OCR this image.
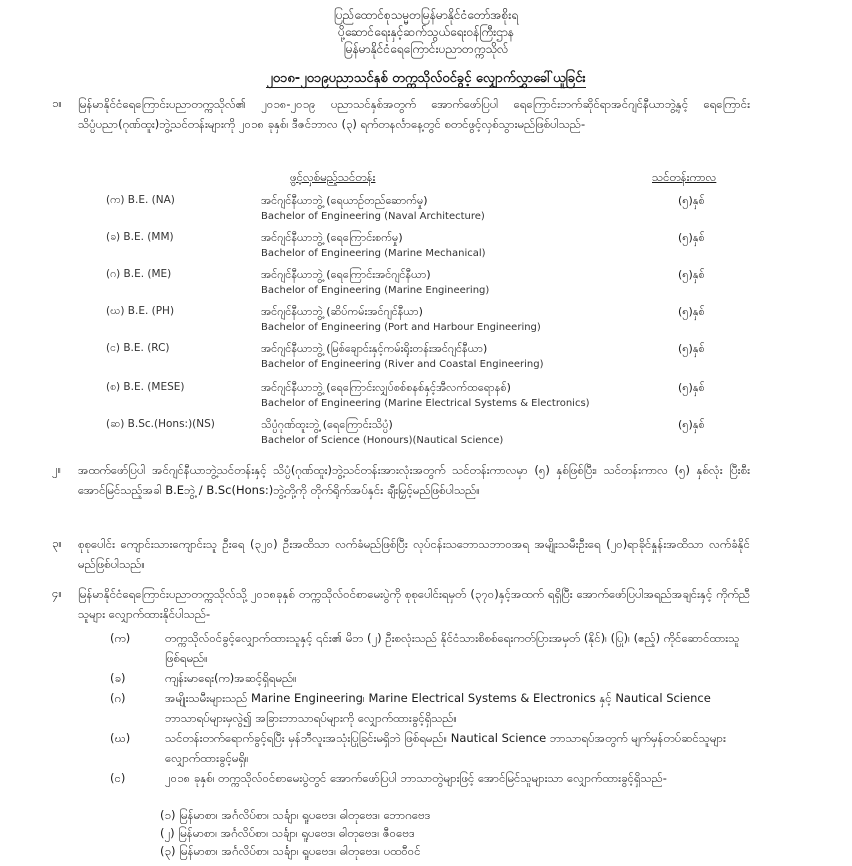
ပြည်ထောင်စုသမ္မတမြန်မာနိုင်ငံတော်အစိုးရ
ပို့ဆောင်ရေးနှင့်ဆက်သွယ်ရေးဝန်ကြီးဌာန
မြန်မာနိုင်ငံရေကြောင်းပညာတက္ကသိုလ်
၂၀၁၈-၂၀၁၉ပညာသင်နှစ် တက္ကသိုလ်ဝင်ခွင့် လျှောက်လွှာခေါ်ယူခြင်း
၁။ မြန်မာနိုင်ငံရေကြောင်းပညာတက္ကသိုလ်၏ ၂၀၁၈-၂၀၁၉ ပညာသင်နှစ်အတွက် အောက်ဖော်ပြပါ ရေကြောင်းဘက်ဆိုင်ရာအင်ဂျင်နီယာဘွဲ့နှင့် ရေကြောင်းသိပ္ပံပညာ(ဂုဏ်ထူး)ဘွဲ့သင်တန်းများကို ၂၀၁၈ ခုနှစ်၊ ဒီဇင်ဘာလ (၃) ရက်တနင်္လာနေ့တွင် စတင်ဖွင့်လှစ်သွားမည်ဖြစ်ပါသည်-
ဖွင့်လှစ်မည့်သင်တန်း	သင်တန်းကာလ
(က) B.E. (NA)	အင်ဂျင်နီယာဘွဲ့ (ရေယာဉ်တည်ဆောက်မှု)
Bachelor of Engineering (Naval Architecture)
(၅)နှစ်
(ခ) B.E. (MM)	အင်ဂျင်နီယာဘွဲ့ (ရေကြောင်းစက်မှု)
Bachelor of Engineering (Marine Mechanical)
(၅)နှစ်
(ဂ) B.E. (ME)	အင်ဂျင်နီယာဘွဲ့ (ရေကြောင်းအင်ဂျင်နီယာ)
Bachelor of Engineering (Marine Engineering)
(၅)နှစ်
(ဃ) B.E. (PH)	အင်ဂျင်နီယာဘွဲ့ (ဆိပ်ကမ်းအင်ဂျင်နီယာ)
Bachelor of Engineering (Port and Harbour Engineering)
(၅)နှစ်
(င) B.E. (RC)	အင်ဂျင်နီယာဘွဲ့ (မြစ်ချောင်းနှင့်ကမ်းရိုးတန်းအင်ဂျင်နီယာ)
Bachelor of Engineering (River and Coastal Engineering)
(၅)နှစ်
(စ) B.E. (MESE)	အင်ဂျင်နီယာဘွဲ့ (ရေကြောင်းလျှပ်စစ်စနစ်နှင့်အီလက်ထရောနစ်)
Bachelor of Engineering (Marine Electrical Systems & Electronics)
(၅)နှစ်
(ဆ) B.Sc.(Hons:)(NS)	သိပ္ပံဂုဏ်ထူးဘွဲ့ (ရေကြောင်းသိပ္ပံ)
Bachelor of Science (Honours)(Nautical Science)
(၅)နှစ်
၂။ အထက်ဖော်ပြပါ အင်ဂျင်နီယာဘွဲ့သင်တန်းနှင့် သိပ္ပံ(ဂုဏ်ထူး)ဘွဲ့သင်တန်းအားလုံးအတွက် သင်တန်းကာလမှာ (၅) နှစ်ဖြစ်ပြီး၊ သင်တန်းကာလ (၅) နှစ်လုံး ပြီးစီးအောင်မြင်သည့်အခါ B.Eဘွဲ့ / B.Sc(Hons:)ဘွဲ့တို့ကို တိုက်ရိုက်အပ်နှင်း ချီးမြှင့်မည်ဖြစ်ပါသည်။
၃။ စုစုပေါင်း ကျောင်းသားကျောင်းသူ ဦးရေ (၃၂၀) ဦးအထိသာ လက်ခံမည်ဖြစ်ပြီး လုပ်ငန်းသဘောသဘာဝအရ အမျိုးသမီးဦးရေ (၂၀)ရာခိုင်နှုန်းအထိသာ လက်ခံနိုင်မည်ဖြစ်ပါသည်။
၄။ မြန်မာနိုင်ငံရေကြောင်းပညာတက္ကသိုလ်သို့ ၂၀၁၈ခုနှစ် တက္ကသိုလ်ဝင်စာမေးပွဲကို စုစုပေါင်းရမှတ် (၃၇၀)နှင့်အထက် ရရှိပြီး အောက်ဖော်ပြပါအရည်အချင်းနှင့် ကိုက်ညီသူများ လျှောက်ထားနိုင်ပါသည်-
(က)	တက္ကသိုလ်ဝင်ခွင့်လျှောက်ထားသူနှင့် ၎င်း၏ မိဘ (၂) ဦးစလုံးသည် နိုင်ငံသားစိစစ်ရေးကတ်ပြားအမှတ် (နိုင်)၊ (ပြု)၊ (ဧည့်) ကိုင်ဆောင်ထားသူဖြစ်ရမည်။
(ခ)	ကျန်းမာရေး(က)အဆင့်ရှိရမည်။
(ဂ)	အမျိုးသမီးများသည် Marine Engineering၊ Marine Electrical Systems & Electronics နှင့် Nautical Science ဘာသာရပ်များမှလွဲ၍ အခြားဘာသာရပ်များကို လျှောက်ထားခွင့်ရှိသည်။
(ဃ)	သင်တန်းတက်ရောက်ခွင့်ရပြီး မှန်ဘီလူးအသုံးပြုခြင်းမရှိဘဲ ဖြစ်ရမည်။ Nautical Science ဘာသာရပ်အတွက် မျက်မှန်တပ်ဆင်သူများ လျှောက်ထားခွင့်မရှိ။
(င)	၂၀၁၈ ခုနှစ်၊ တက္ကသိုလ်ဝင်စာမေးပွဲတွင် အောက်ဖော်ပြပါ ဘာသာတွဲများဖြင့် အောင်မြင်သူများသာ လျှောက်ထားခွင့်ရှိသည်-
(၁) မြန်မာစာ၊ အင်္ဂလိပ်စာ၊ သင်္ချာ၊ ရူပဗေဒ၊ ဓါတုဗေဒ၊ ဘောဂဗေဒ
(၂) မြန်မာစာ၊ အင်္ဂလိပ်စာ၊ သင်္ချာ၊ ရူပဗေဒ၊ ဓါတုဗေဒ၊ ဇီဝဗေဒ
(၃) မြန်မာစာ၊ အင်္ဂလိပ်စာ၊ သင်္ချာ၊ ရူပဗေဒ၊ ဓါတုဗေဒ၊ ပထဝီဝင်
